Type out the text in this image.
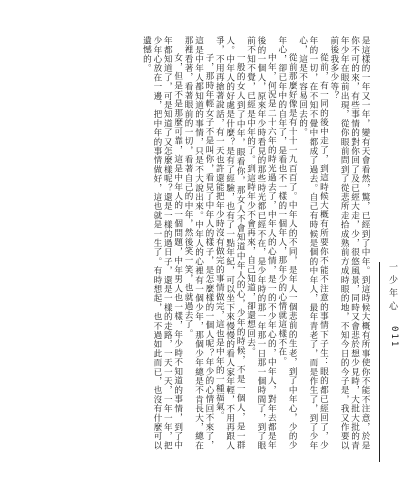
是這樣的一年又一年，變有天會看然，驚，已經到了中年。到這時候大概有所事使你不能不注意，於是你不可的來，有些事情的對你回了及已經大走，少，很悠風景，同時又會悲於想少見時，大批大批的青年少年在眼前出現，從你眼前問到了從悲所走拾成熟前方成時眼的地，不知今日的今子是，我又作要以前後我多少等？

從前，有一同的後中走了，到這時候大概有所要你不能不注意的事情下子生：眼的都已經回了，少年的一切，在不知不覺中都成了過去。自己有時候是個的中年人，最年青老了，而是作生了，到了少年心，這是不容易回去的。

從前那麼好像是有十十一九百百了。中年人的不同，是年人一個悲前的生老，到了中年心，少的少年心，卻已年中的自年了，是看也不一樣的一個年人，那年少的心情就這樣不在。

中年，何況是二十六年的時光過去了，中年人的心情，是一的不少年心的，中年人，對年去都是年後的一個人，原來年少時看見的那些時光都已經不在，是少年時的那一年那一日那一個時間了，到了眼前不知不覺，已經是中年的了。到這時年少不會再來，自己知道，卻還想回去。

一般的女人到了中年，眼看你，那女人不會知道中年人的心，少年的時候，不是一個人，是一群人。中年人的好處是什麼？是有了經驗，也有了一點年紀，可以坐下來慢慢的看人家年輕，不用再跟人爭，不用再搶著說話，有一天也許還能把年少時沒有做完的事情做完，這也是中年的一種福氣。

子，那時年輕女子不是叫你，看見了中年人的樣子，是怎麼樣的一個人呢？年少的心情回不來了，這是中年人都知道的事情，只是不大說出來。中年人的心裡有一個少年，那個少年總是不肯長大，總在那裡看著，看著眼前的一切，看著自己的中年，然後笑一笑，也就過去了。

女，但是不是那麼可靠，這是中年人的一個問題，中年男人也一樣，年少時不知道的事情，到了中年都知道了，可是知道了又怎麼樣呢？還是一樣的過日子，還是一樣的走路，一天一天，一年一年，把少年心放在一邊，把中年的事情做好，這也就是一生了。有時想起，也不過如此而已，也沒有什麼可以遺憾的。

一少年心
011
